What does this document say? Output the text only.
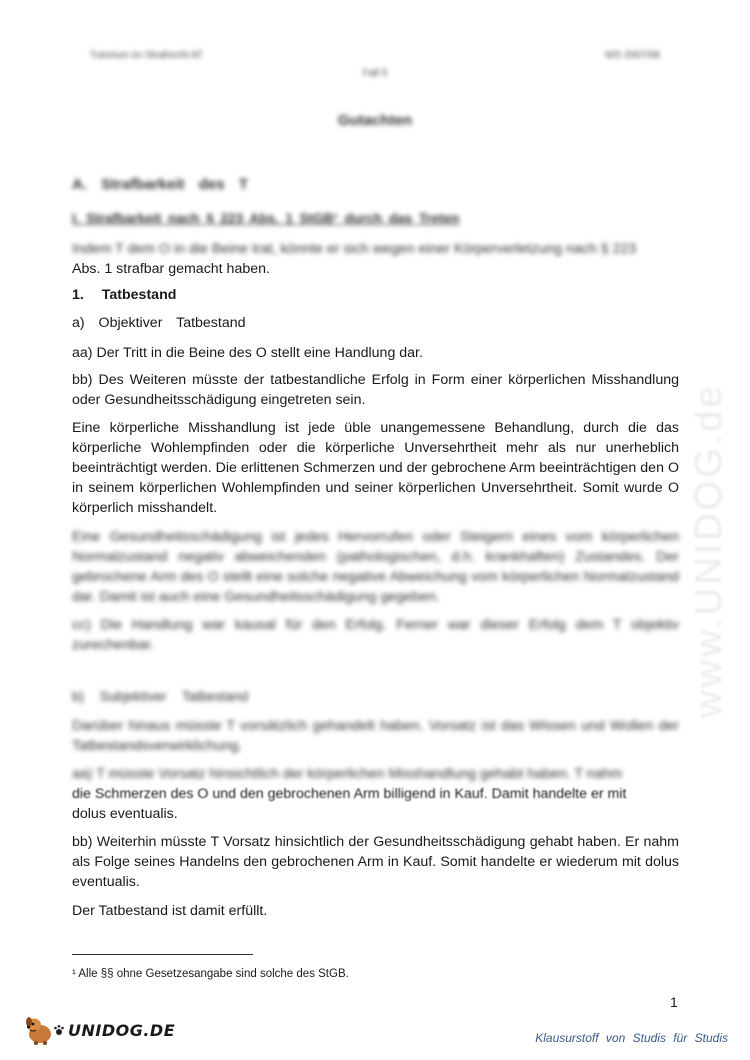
Tutorium im Strafrecht AT	WS 2007/08
Fall 5
Gutachten
A. Strafbarkeit des T
I. Strafbarkeit nach § 223 Abs. 1 StGB¹ durch das Treten

Indem T dem O in die Beine trat, könnte er sich wegen einer Körperverletzung nach § 223

Abs. 1 strafbar gemacht haben.

1. Tatbestand
a) Objektiver Tatbestand

aa) Der Tritt in die Beine des O stellt eine Handlung dar.

bb) Des Weiteren müsste der tatbestandliche Erfolg in Form einer körperlichen Misshandlung oder Gesundheitsschädigung eingetreten sein.

Eine körperliche Misshandlung ist jede üble unangemessene Behandlung, durch die das körperliche Wohlempfinden oder die körperliche Unversehrtheit mehr als nur unerheblich beeinträchtigt werden. Die erlittenen Schmerzen und der gebrochene Arm beeinträchtigen den O in seinem körperlichen Wohlempfinden und seiner körperlichen Unversehrtheit. Somit wurde O körperlich misshandelt.

Eine Gesundheitsschädigung ist jedes Hervorrufen oder Steigern eines vom körperlichen Normalzustand negativ abweichenden (pathologischen, d.h. krankhaften) Zustandes. Der gebrochene Arm des O stellt eine solche negative Abweichung vom körperlichen Normalzustand dar. Damit ist auch eine Gesundheitsschädigung gegeben.

cc) Die Handlung war kausal für den Erfolg. Ferner war dieser Erfolg dem T objektiv zurechenbar.

b) Subjektiver Tatbestand

Darüber hinaus müsste T vorsätzlich gehandelt haben. Vorsatz ist das Wissen und Wollen der Tatbestandsverwirklichung.

aa) T müsste Vorsatz hinsichtlich der körperlichen Misshandlung gehabt haben. T nahm

die Schmerzen des O und den gebrochenen Arm billigend in Kauf. Damit handelte er mit

dolus eventualis.

bb) Weiterhin müsste T Vorsatz hinsichtlich der Gesundheitsschädigung gehabt haben. Er nahm als Folge seines Handelns den gebrochenen Arm in Kauf. Somit handelte er wiederum mit dolus eventualis.

Der Tatbestand ist damit erfüllt.

¹ Alle §§ ohne Gesetzesangabe sind solche des StGB.
1
www.UNIDOG.de
UNIDOG.DE	Klausurstoff von Studis für Studis
